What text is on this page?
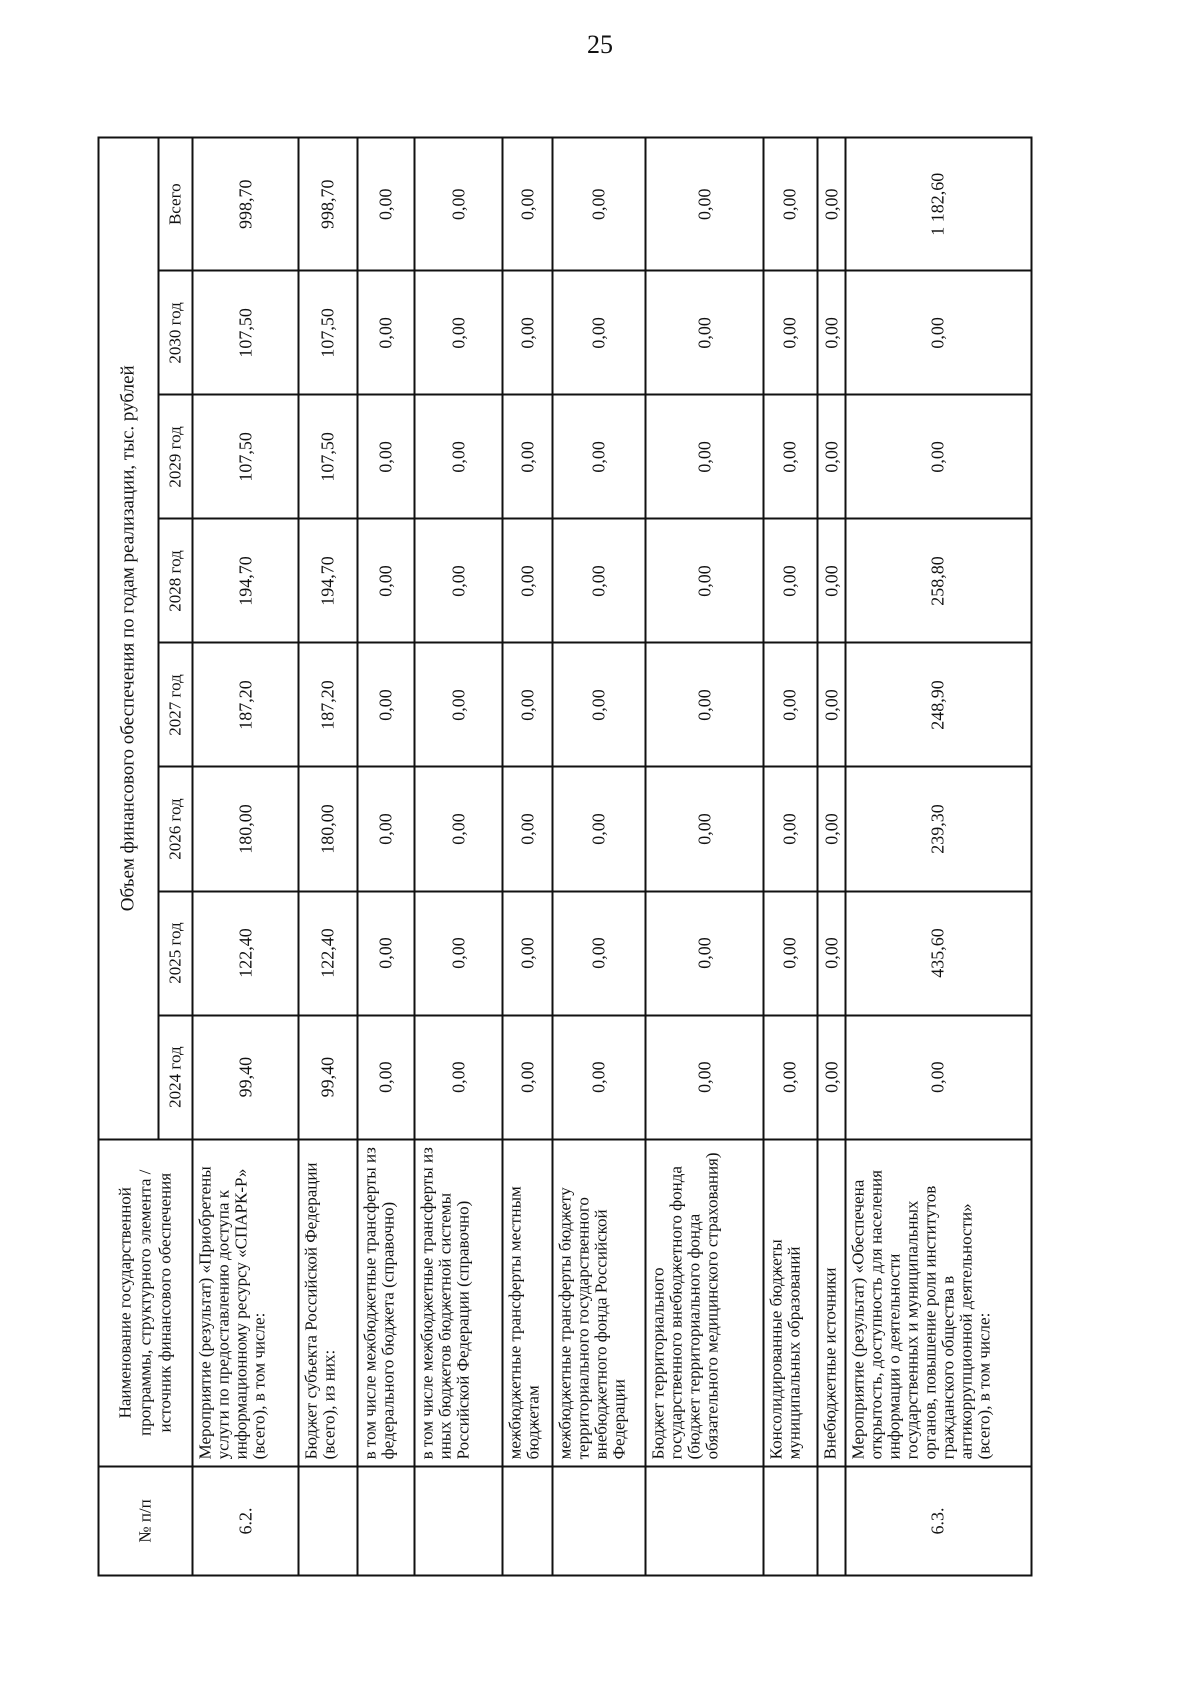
25
№ п/п	Наименование государственной программы, структурного элемента / источник финансового обеспечения	Объем финансового обеспечения по годам реализации, тыс. рублей							
		2024 год	2025 год	2026 год	2027 год	2028 год	2029 год	2030 год	Всего
6.2.	Мероприятие (результат) «Приобретены услуги по предоставлению доступа к информационному ресурсу «СПАРК-Р» (всего), в том числе:	99,40	122,40	180,00	187,20	194,70	107,50	107,50	998,70
	Бюджет субъекта Российской Федерации (всего), из них:	99,40	122,40	180,00	187,20	194,70	107,50	107,50	998,70
	в том числе межбюджетные трансферты из федерального бюджета (справочно)	0,00	0,00	0,00	0,00	0,00	0,00	0,00	0,00
	в том числе межбюджетные трансферты из иных бюджетов бюджетной системы Российской Федерации (справочно)	0,00	0,00	0,00	0,00	0,00	0,00	0,00	0,00
	межбюджетные трансферты местным бюджетам	0,00	0,00	0,00	0,00	0,00	0,00	0,00	0,00
	межбюджетные трансферты бюджету территориального государственного внебюджетного фонда Российской Федерации	0,00	0,00	0,00	0,00	0,00	0,00	0,00	0,00
	Бюджет территориального государственного внебюджетного фонда (бюджет территориального фонда обязательного медицинского страхования)	0,00	0,00	0,00	0,00	0,00	0,00	0,00	0,00
	Консолидированные бюджеты муниципальных образований	0,00	0,00	0,00	0,00	0,00	0,00	0,00	0,00
	Внебюджетные источники	0,00	0,00	0,00	0,00	0,00	0,00	0,00	0,00
6.3.	Мероприятие (результат) «Обеспечена открытость, доступность для населения информации о деятельности государственных и муниципальных органов, повышение роли институтов гражданского общества в антикоррупционной деятельности» (всего), в том числе:	0,00	435,60	239,30	248,90	258,80	0,00	0,00	1 182,60
